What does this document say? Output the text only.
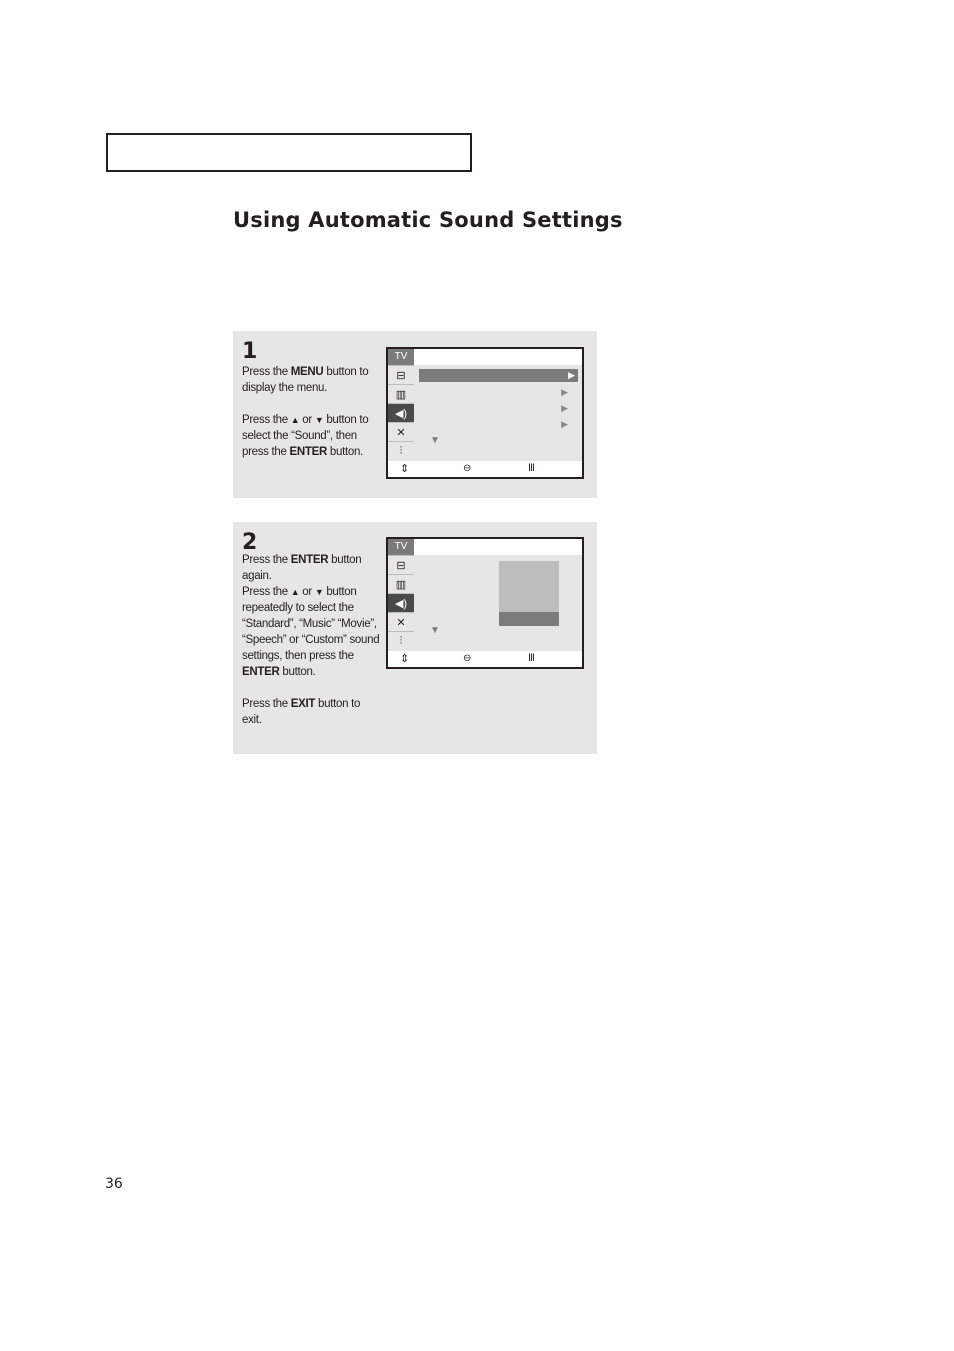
Using Automatic Sound Settings
1

Press the MENU button to display the menu.

Press the ▲ or ▼ button to select the “Sound”, then press the ENTER button.

TV
⊟
▥
◀)
✕
⫶
▶
▶
▶
▶
▼
⇕	⊖	Ⅲ
2

Press the ENTER button again.

Press the ▲ or ▼ button repeatedly to select the “Standard”, “Music” “Movie”, “Speech” or “Custom” sound settings, then press the ENTER button.

Press the EXIT button to exit.

TV
⊟
▥
◀)
✕
⫶
▼
⇕	⊖	Ⅲ
36
